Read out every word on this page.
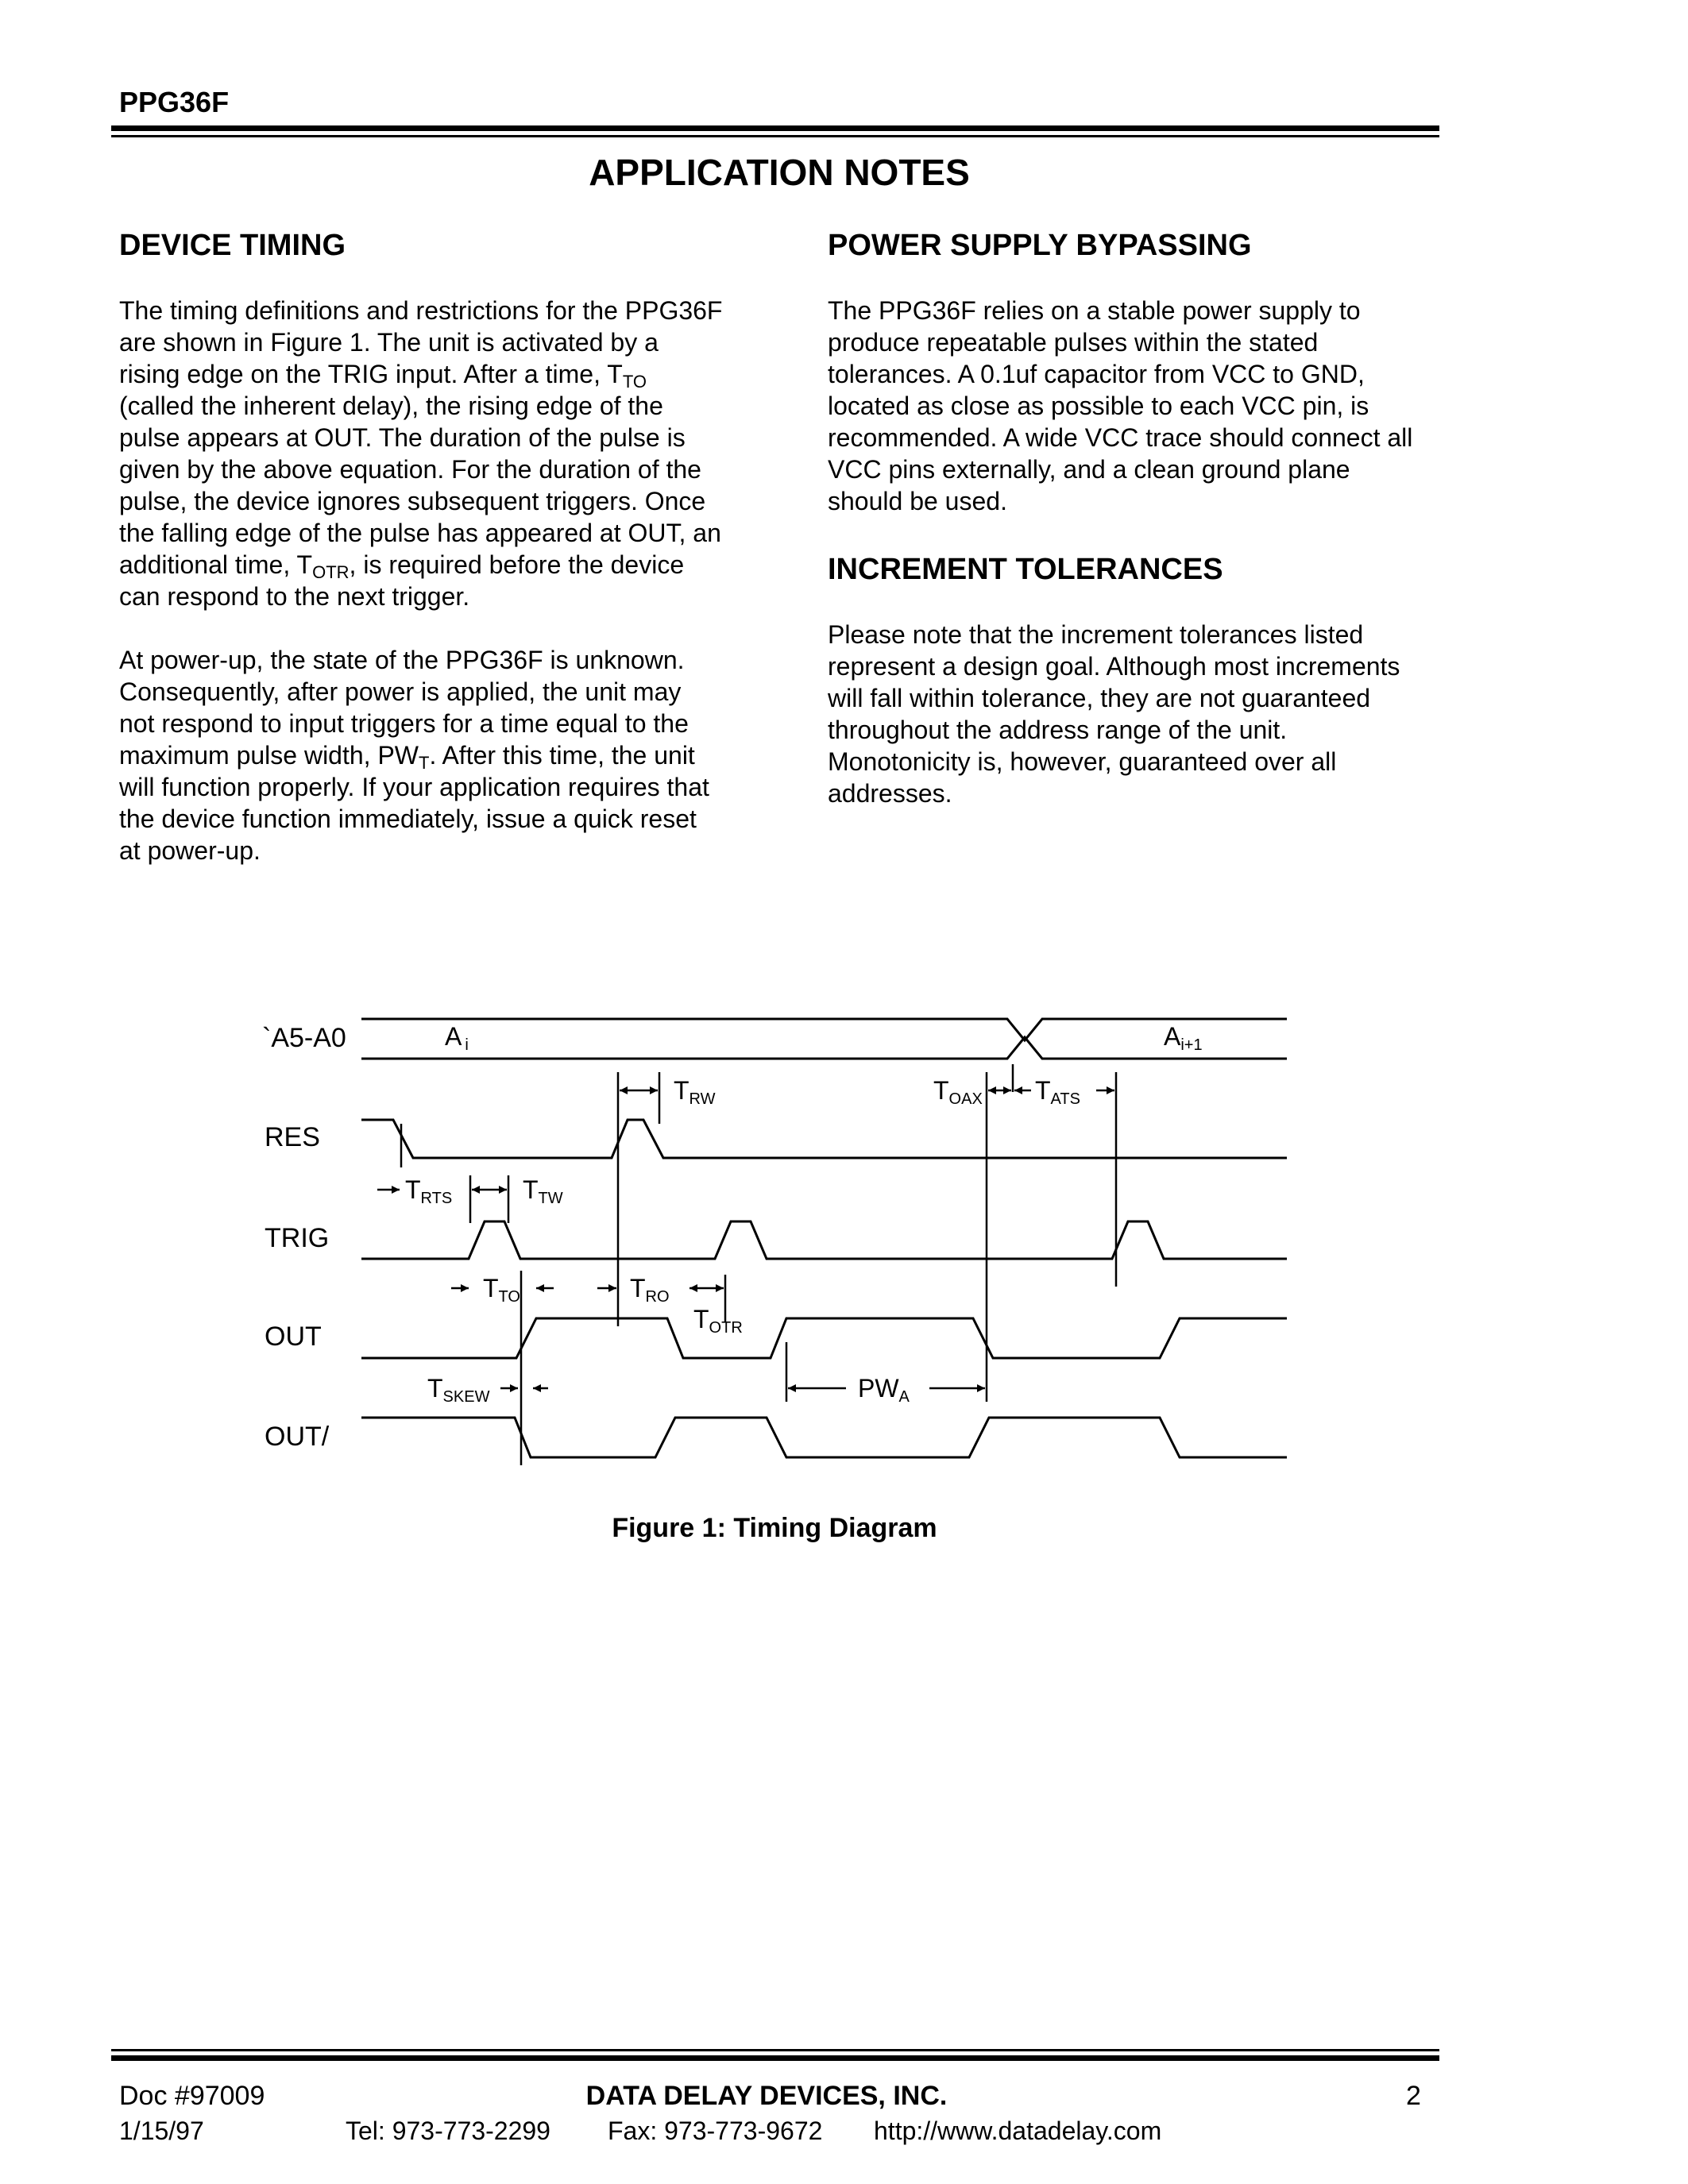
PPG36F
APPLICATION NOTES
DEVICE TIMING
The timing definitions and restrictions for the PPG36F are shown in Figure 1. The unit is activated by a rising edge on the TRIG input. After a time, $T_{TO}$ (called the inherent delay), the rising edge of the pulse appears at OUT. The duration of the pulse is given by the above equation. For the duration of the pulse, the device ignores subsequent triggers. Once the falling edge of the pulse has appeared at OUT, an additional time, $T_{OTR}$, is required before the device can respond to the next trigger.
At power-up, the state of the PPG36F is unknown. Consequently, after power is applied, the unit may not respond to input triggers for a time equal to the maximum pulse width, $PW_T$. After this time, the unit will function properly. If your application requires that the device function immediately, issue a quick reset at power-up.
POWER SUPPLY BYPASSING
The PPG36F relies on a stable power supply to produce repeatable pulses within the stated tolerances. A 0.1uf capacitor from VCC to GND, located as close as possible to each VCC pin, is recommended. A wide VCC trace should connect all VCC pins externally, and a clean ground plane should be used.
INCREMENT TOLERANCES
Please note that the increment tolerances listed represent a design goal. Although most increments will fall within tolerance, they are not guaranteed throughout the address range of the unit. Monotonicity is, however, guaranteed over all addresses.
`A5-A0
RES
TRIG
OUT
OUT/
Ai	Ai+1
TRW	TOAX TATS
TRTS	TTW
TTO	TRO
TOTR
TSKEW	PWA
Figure 1: Timing Diagram
Doc #97009	DATA DELAY DEVICES, INC.	2
1/15/97	Tel: 973-773-2299 Fax: 973-773-9672 http://www.datadelay.com
